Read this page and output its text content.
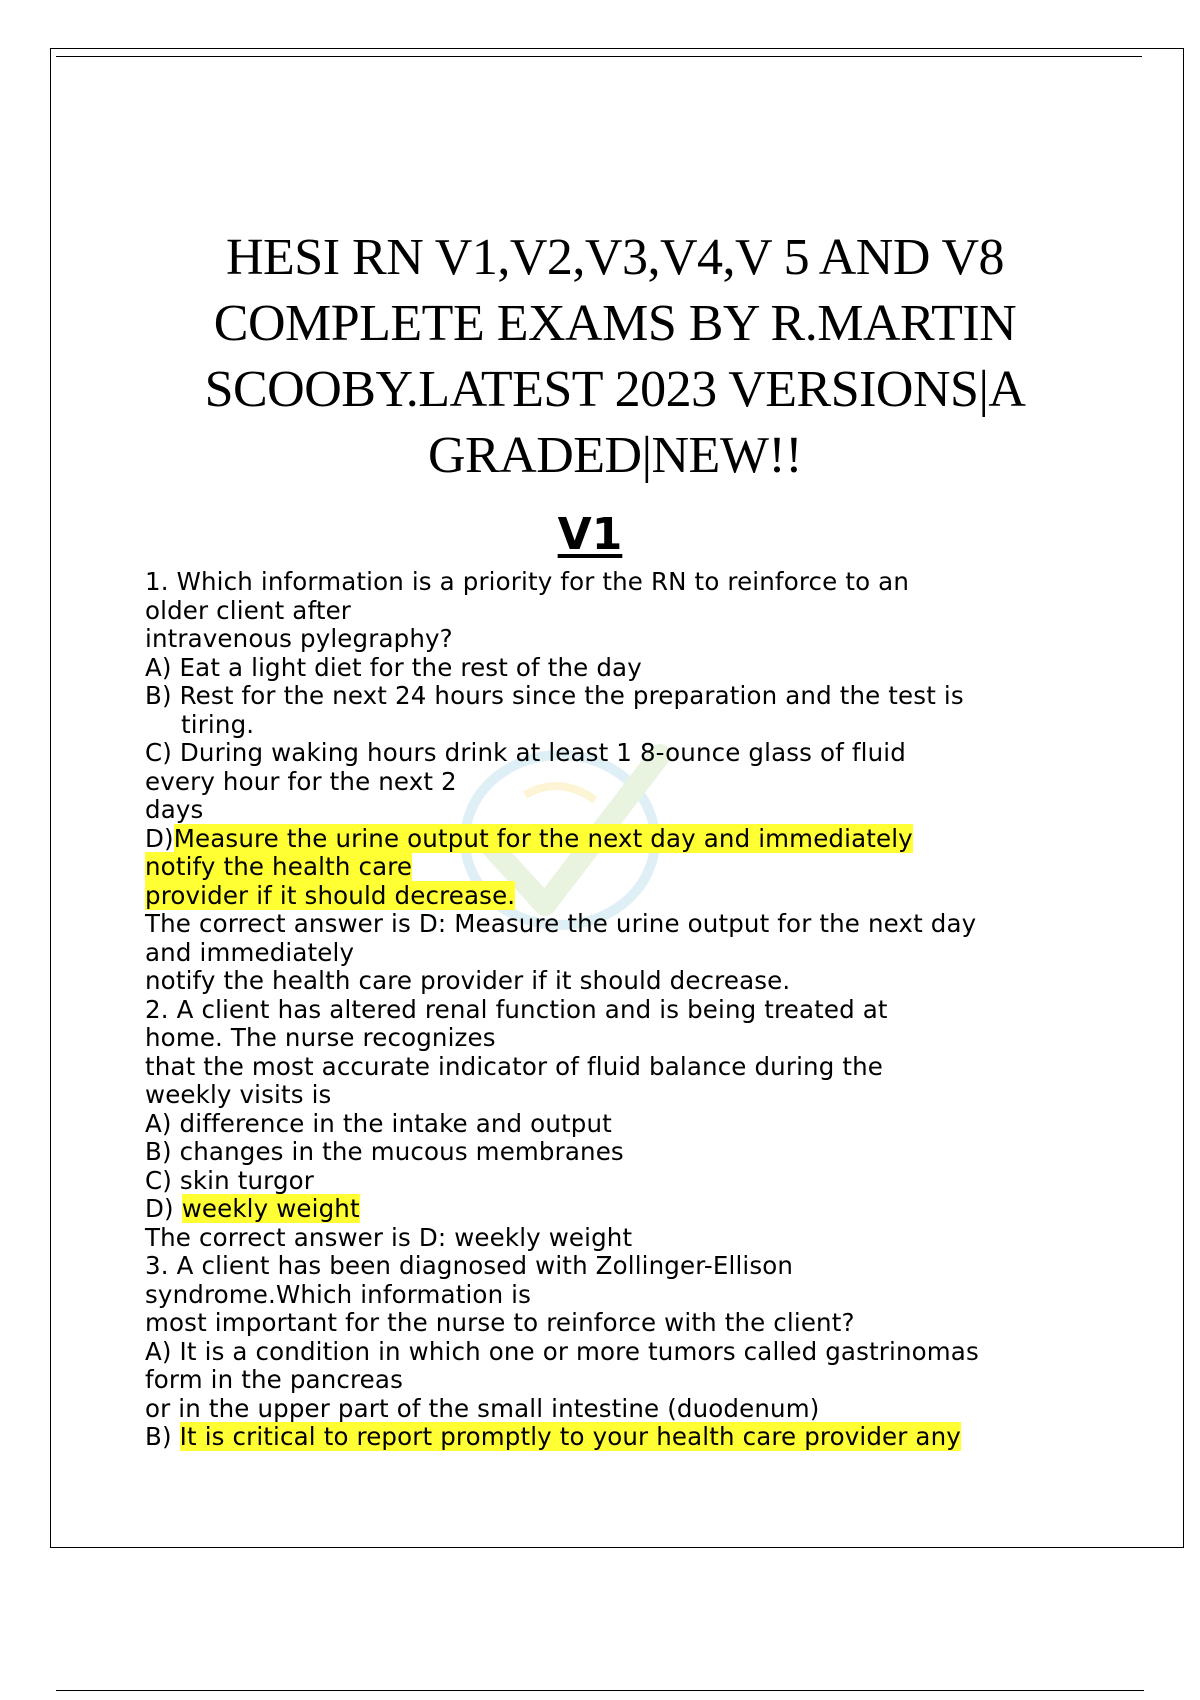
HESI RN V1,V2,V3,V4,V 5 AND V8
COMPLETE EXAMS BY R.MARTIN
SCOOBY.LATEST 2023 VERSIONS|A
GRADED|NEW!!
V1
1. Which information is a priority for the RN to reinforce to an
older client after
intravenous pylegraphy?
A) Eat a light diet for the rest of the day
B) Rest for the next 24 hours since the preparation and the test is
tiring.
C) During waking hours drink at least 1 8-ounce glass of fluid
every hour for the next 2
days
D)Measure the urine output for the next day and immediately
notify the health care
provider if it should decrease.
The correct answer is D: Measure the urine output for the next day
and immediately
notify the health care provider if it should decrease.
2. A client has altered renal function and is being treated at
home. The nurse recognizes
that the most accurate indicator of fluid balance during the
weekly visits is
A) difference in the intake and output
B) changes in the mucous membranes
C) skin turgor
D) weekly weight
The correct answer is D: weekly weight
3. A client has been diagnosed with Zollinger-Ellison
syndrome.Which information is
most important for the nurse to reinforce with the client?
A) It is a condition in which one or more tumors called gastrinomas
form in the pancreas
or in the upper part of the small intestine (duodenum)
B) It is critical to report promptly to your health care provider any
